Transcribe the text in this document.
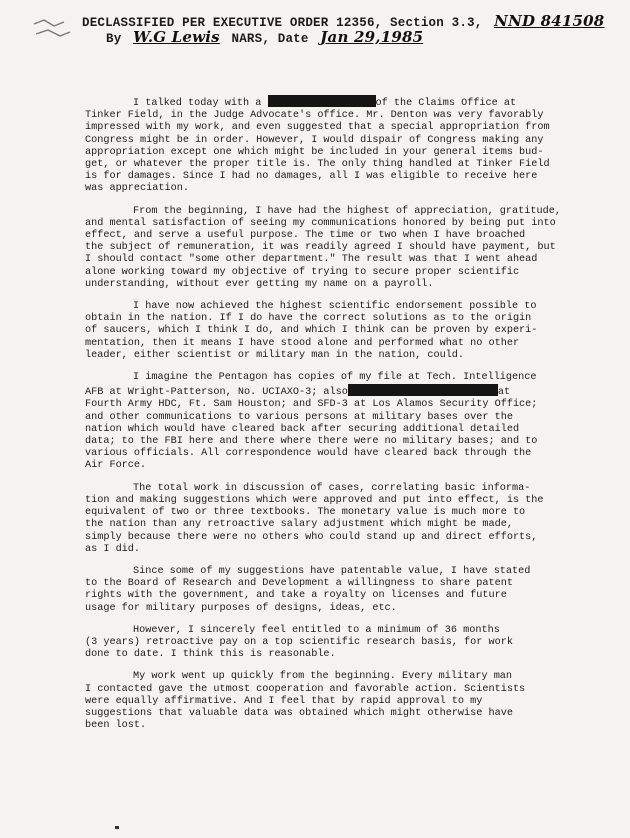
DECLASSIFIED PER EXECUTIVE ORDER 12356, Section 3.3, NND 841508
By W.G Lewis NARS, Date Jan 29,1985
I talked today with a	of the Claims Office at
Tinker Field, in the Judge Advocate's office. Mr. Denton was very favorably
impressed with my work, and even suggested that a special appropriation from
Congress might be in order. However, I would dispair of Congress making any
appropriation except one which might be included in your general items bud-
get, or whatever the proper title is. The only thing handled at Tinker Field
is for damages. Since I had no damages, all I was eligible to receive here
was appreciation.
From the beginning, I have had the highest of appreciation, gratitude,
and mental satisfaction of seeing my communications honored by being put into
effect, and serve a useful purpose. The time or two when I have broached
the subject of remuneration, it was readily agreed I should have payment, but
I should contact "some other department." The result was that I went ahead
alone working toward my objective of trying to secure proper scientific
understanding, without ever getting my name on a payroll.
I have now achieved the highest scientific endorsement possible to
obtain in the nation. If I do have the correct solutions as to the origin
of saucers, which I think I do, and which I think can be proven by experi-
mentation, then it means I have stood alone and performed what no other
leader, either scientist or military man in the nation, could.
I imagine the Pentagon has copies of my file at Tech. Intelligence
AFB at Wright-Patterson, No. UCIAXO-3; also	at
Fourth Army HDC, Ft. Sam Houston; and SFD-3 at Los Alamos Security Office;
and other communications to various persons at military bases over the
nation which would have cleared back after securing additional detailed
data; to the FBI here and there where there were no military bases; and to
various officials. All correspondence would have cleared back through the
Air Force.
The total work in discussion of cases, correlating basic informa-
tion and making suggestions which were approved and put into effect, is the
equivalent of two or three textbooks. The monetary value is much more to
the nation than any retroactive salary adjustment which might be made,
simply because there were no others who could stand up and direct efforts,
as I did.
Since some of my suggestions have patentable value, I have stated
to the Board of Research and Development a willingness to share patent
rights with the government, and take a royalty on licenses and future
usage for military purposes of designs, ideas, etc.
However, I sincerely feel entitled to a minimum of 36 months
(3 years) retroactive pay on a top scientific research basis, for work
done to date. I think this is reasonable.
My work went up quickly from the beginning. Every military man
I contacted gave the utmost cooperation and favorable action. Scientists
were equally affirmative. And I feel that by rapid approval to my
suggestions that valuable data was obtained which might otherwise have
been lost.
